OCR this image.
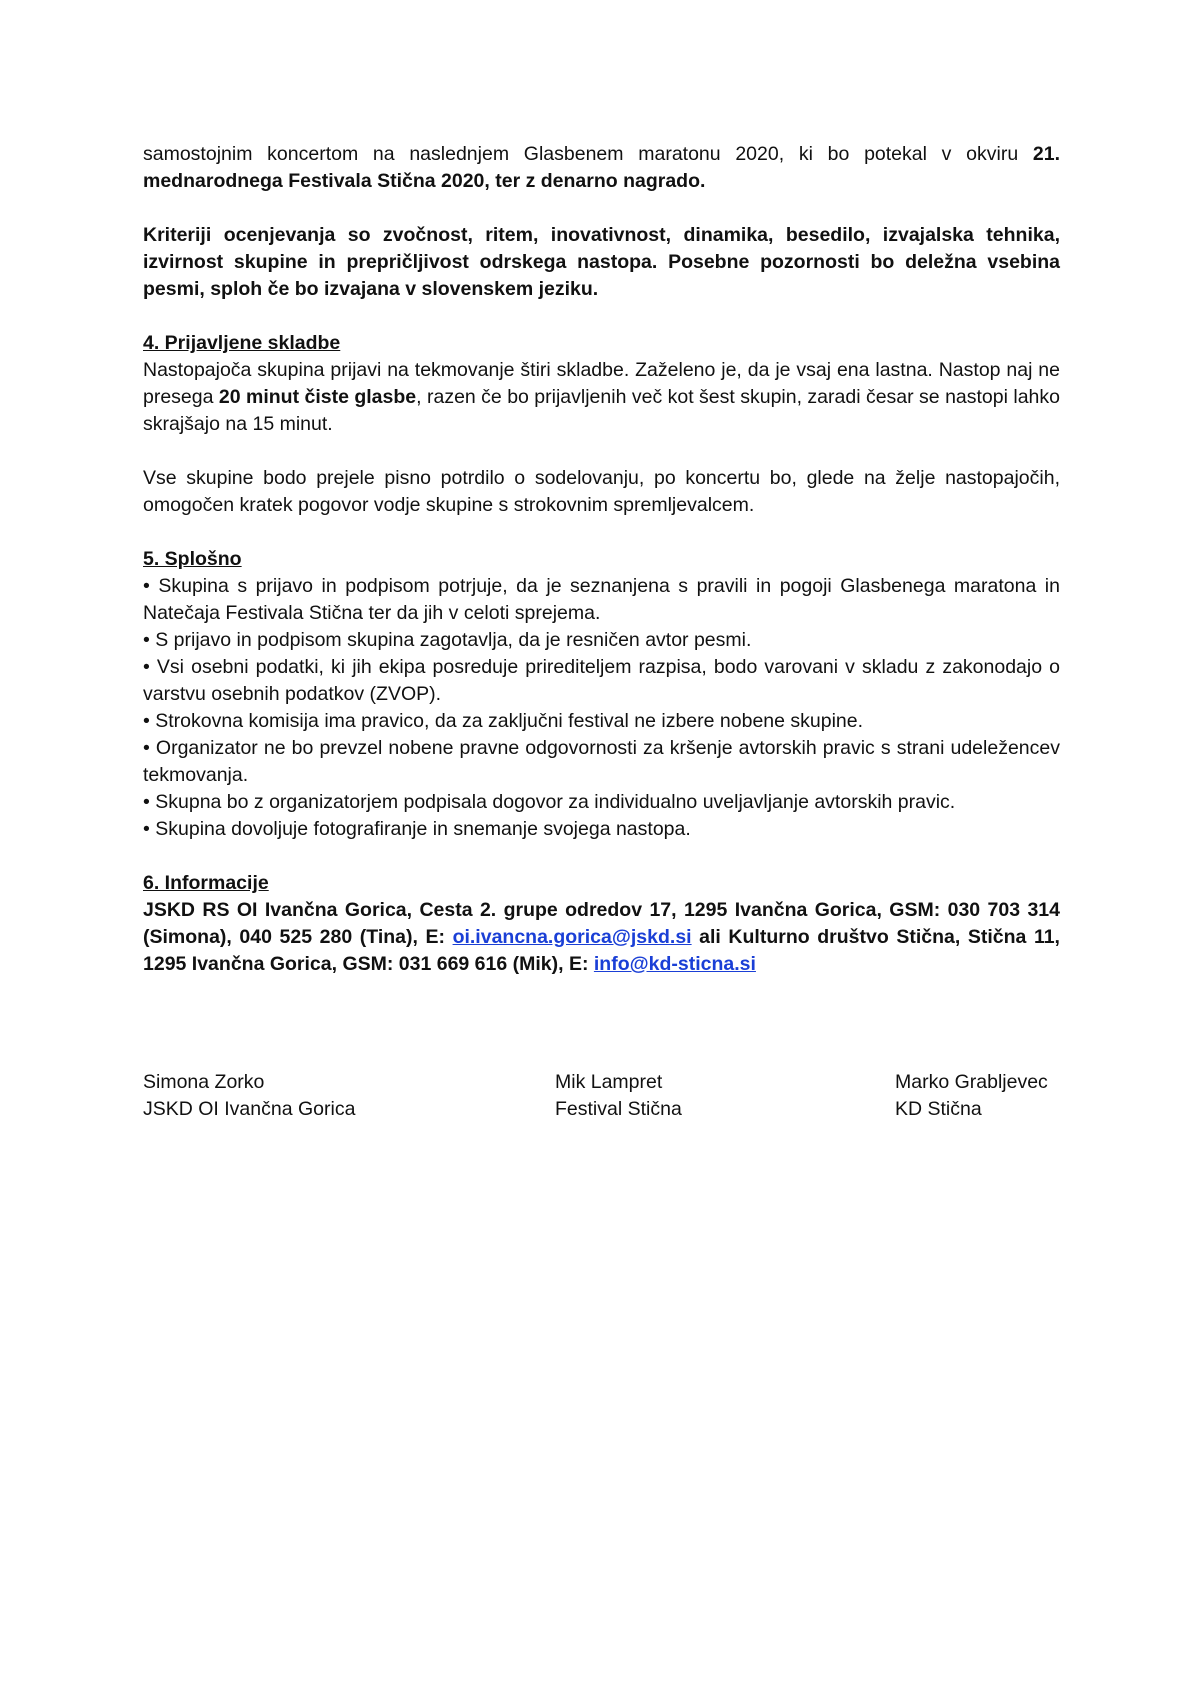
samostojnim koncertom na naslednjem Glasbenem maratonu 2020, ki bo potekal v okviru 21. mednarodnega Festivala Stična 2020, ter z denarno nagrado.

Kriteriji ocenjevanja so zvočnost, ritem, inovativnost, dinamika, besedilo, izvajalska tehnika, izvirnost skupine in prepričljivost odrskega nastopa. Posebne pozornosti bo deležna vsebina pesmi, sploh če bo izvajana v slovenskem jeziku.

4. Prijavljene skladbe

Nastopajoča skupina prijavi na tekmovanje štiri skladbe. Zaželeno je, da je vsaj ena lastna. Nastop naj ne presega 20 minut čiste glasbe, razen če bo prijavljenih več kot šest skupin, zaradi česar se nastopi lahko skrajšajo na 15 minut.

Vse skupine bodo prejele pisno potrdilo o sodelovanju, po koncertu bo, glede na želje nastopajočih, omogočen kratek pogovor vodje skupine s strokovnim spremljevalcem.

5. Splošno

• Skupina s prijavo in podpisom potrjuje, da je seznanjena s pravili in pogoji Glasbenega maratona in Natečaja Festivala Stična ter da jih v celoti sprejema.
• S prijavo in podpisom skupina zagotavlja, da je resničen avtor pesmi.
• Vsi osebni podatki, ki jih ekipa posreduje prirediteljem razpisa, bodo varovani v skladu z zakonodajo o varstvu osebnih podatkov (ZVOP).
• Strokovna komisija ima pravico, da za zaključni festival ne izbere nobene skupine.
• Organizator ne bo prevzel nobene pravne odgovornosti za kršenje avtorskih pravic s strani udeležencev tekmovanja.
• Skupna bo z organizatorjem podpisala dogovor za individualno uveljavljanje avtorskih pravic.
• Skupina dovoljuje fotografiranje in snemanje svojega nastopa.

6. Informacije

JSKD RS OI Ivančna Gorica, Cesta 2. grupe odredov 17, 1295 Ivančna Gorica, GSM: 030 703 314 (Simona), 040 525 280 (Tina), E: oi.ivancna.gorica@jskd.si ali Kulturno društvo Stična, Stična 11, 1295 Ivančna Gorica, GSM: 031 669 616 (Mik), E: info@kd-sticna.si

Simona Zorko
JSKD OI Ivančna Gorica
Mik Lampret
Festival Stična
Marko Grabljevec
KD Stična
